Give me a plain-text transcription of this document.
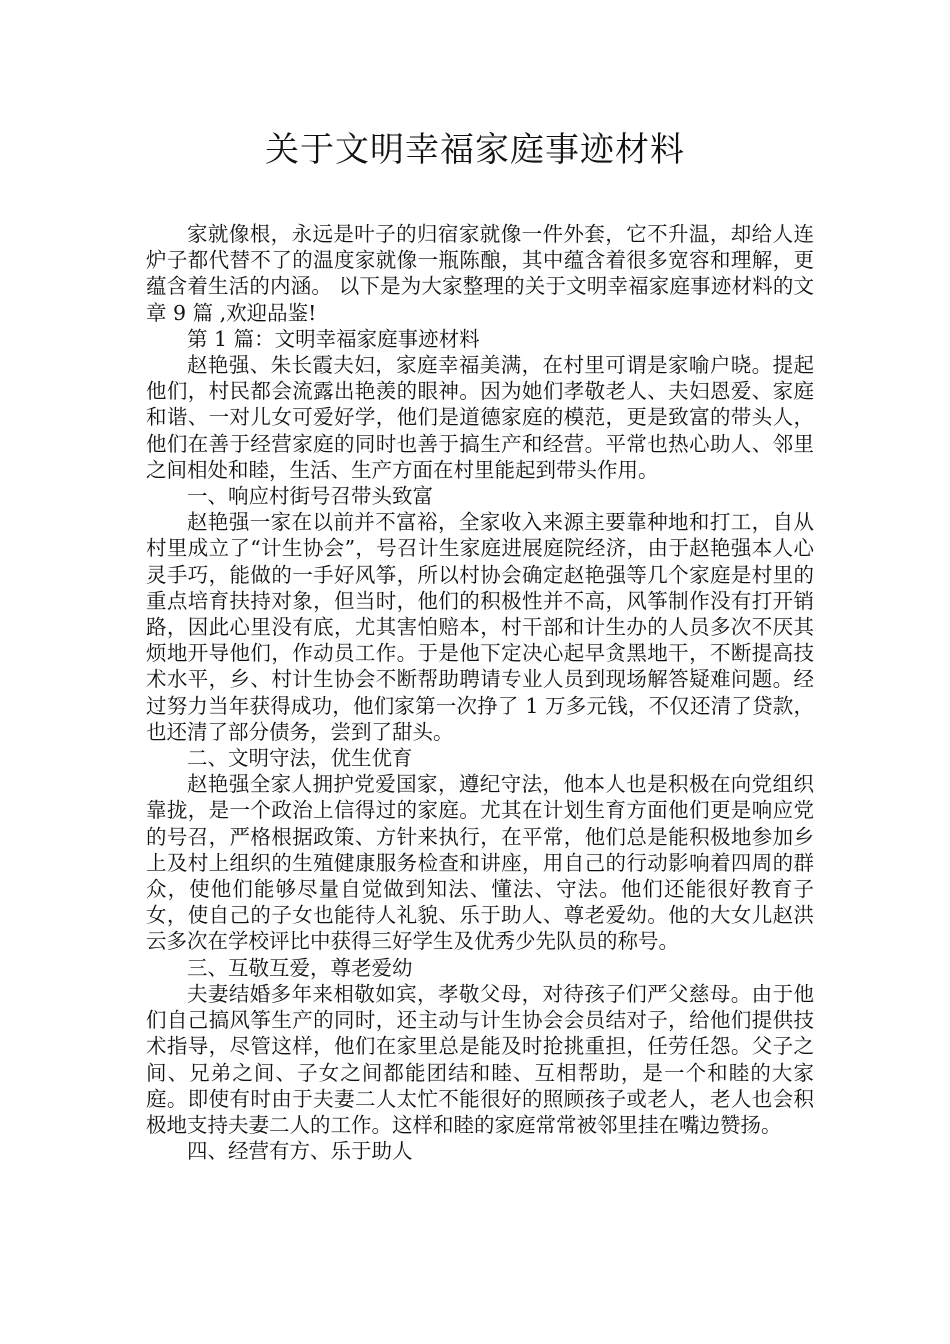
关于文明幸福家庭事迹材料

家就像根，永远是叶子的归宿家就像一件外套，它不升温，却给人连炉子都代替不了的温度家就像一瓶陈酿，其中蕴含着很多宽容和理解，更蕴含着生活的内涵。 以下是为大家整理的关于文明幸福家庭事迹材料的文章 9 篇 ,欢迎品鉴!

第 1 篇：文明幸福家庭事迹材料

赵艳强、朱长霞夫妇，家庭幸福美满，在村里可谓是家喻户晓。提起他们，村民都会流露出艳羡的眼神。因为她们孝敬老人、夫妇恩爱、家庭和谐、一对儿女可爱好学，他们是道德家庭的模范，更是致富的带头人，他们在善于经营家庭的同时也善于搞生产和经营。平常也热心助人、邻里之间相处和睦，生活、生产方面在村里能起到带头作用。

一、响应村街号召带头致富

赵艳强一家在以前并不富裕，全家收入来源主要靠种地和打工，自从村里成立了“计生协会”，号召计生家庭进展庭院经济，由于赵艳强本人心灵手巧，能做的一手好风筝，所以村协会确定赵艳强等几个家庭是村里的重点培育扶持对象，但当时，他们的积极性并不高，风筝制作没有打开销路，因此心里没有底，尤其害怕赔本，村干部和计生办的人员多次不厌其烦地开导他们，作动员工作。于是他下定决心起早贪黑地干，不断提高技术水平，乡、村计生协会不断帮助聘请专业人员到现场解答疑难问题。经过努力当年获得成功，他们家第一次挣了 1 万多元钱，不仅还清了贷款，也还清了部分债务，尝到了甜头。

二、文明守法，优生优育

赵艳强全家人拥护党爱国家，遵纪守法，他本人也是积极在向党组织靠拢，是一个政治上信得过的家庭。尤其在计划生育方面他们更是响应党的号召，严格根据政策、方针来执行，在平常，他们总是能积极地参加乡上及村上组织的生殖健康服务检查和讲座，用自己的行动影响着四周的群众，使他们能够尽量自觉做到知法、懂法、守法。他们还能很好教育子女，使自己的子女也能待人礼貌、乐于助人、尊老爱幼。他的大女儿赵洪云多次在学校评比中获得三好学生及优秀少先队员的称号。

三、互敬互爱，尊老爱幼

夫妻结婚多年来相敬如宾，孝敬父母，对待孩子们严父慈母。由于他们自己搞风筝生产的同时，还主动与计生协会会员结对子，给他们提供技术指导，尽管这样，他们在家里总是能及时抢挑重担，任劳任怨。父子之间、兄弟之间、子女之间都能团结和睦、互相帮助，是一个和睦的大家庭。即使有时由于夫妻二人太忙不能很好的照顾孩子或老人，老人也会积极地支持夫妻二人的工作。这样和睦的家庭常常被邻里挂在嘴边赞扬。

四、经营有方、乐于助人
